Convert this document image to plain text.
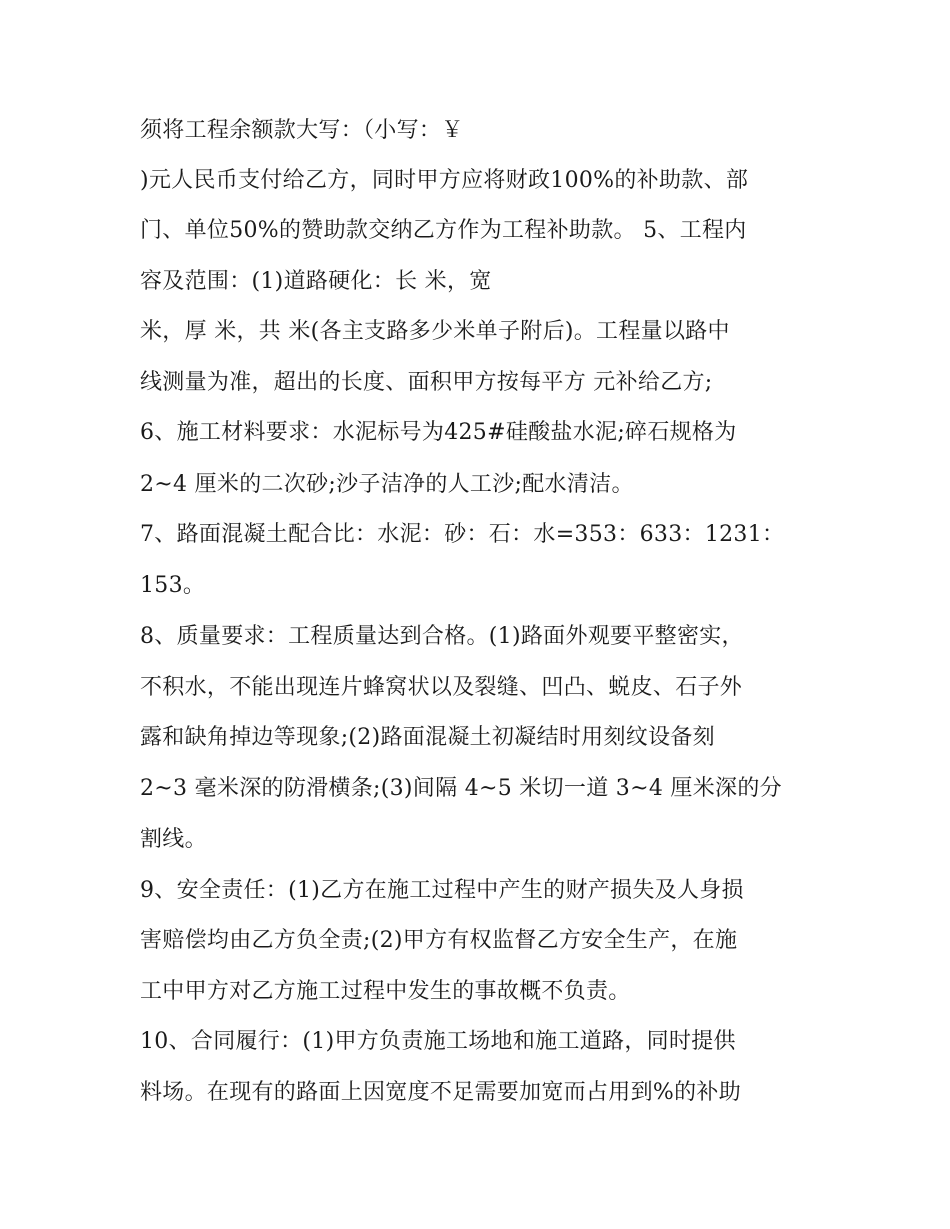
须将工程余额款大写：（小写：￥
)元人民币支付给乙方，同时甲方应将财政100%的补助款、部
门、单位50%的赞助款交纳乙方作为工程补助款。 5、工程内
容及范围：(1)道路硬化：长 米，宽
米，厚 米，共 米(各主支路多少米单子附后)。工程量以路中
线测量为准，超出的长度、面积甲方按每平方 元补给乙方;
6、施工材料要求：水泥标号为425#硅酸盐水泥;碎石规格为
2~4 厘米的二次砂;沙子洁净的人工沙;配水清洁。
7、路面混凝土配合比：水泥：砂：石：水=353：633：1231：
153。
8、质量要求：工程质量达到合格。(1)路面外观要平整密实，
不积水，不能出现连片蜂窝状以及裂缝、凹凸、蜕皮、石子外
露和缺角掉边等现象;(2)路面混凝土初凝结时用刻纹设备刻
2~3 毫米深的防滑横条;(3)间隔 4~5 米切一道 3~4 厘米深的分
割线。
9、安全责任：(1)乙方在施工过程中产生的财产损失及人身损
害赔偿均由乙方负全责;(2)甲方有权监督乙方安全生产，在施
工中甲方对乙方施工过程中发生的事故概不负责。
10、合同履行：(1)甲方负责施工场地和施工道路，同时提供
料场。在现有的路面上因宽度不足需要加宽而占用到%的补助
